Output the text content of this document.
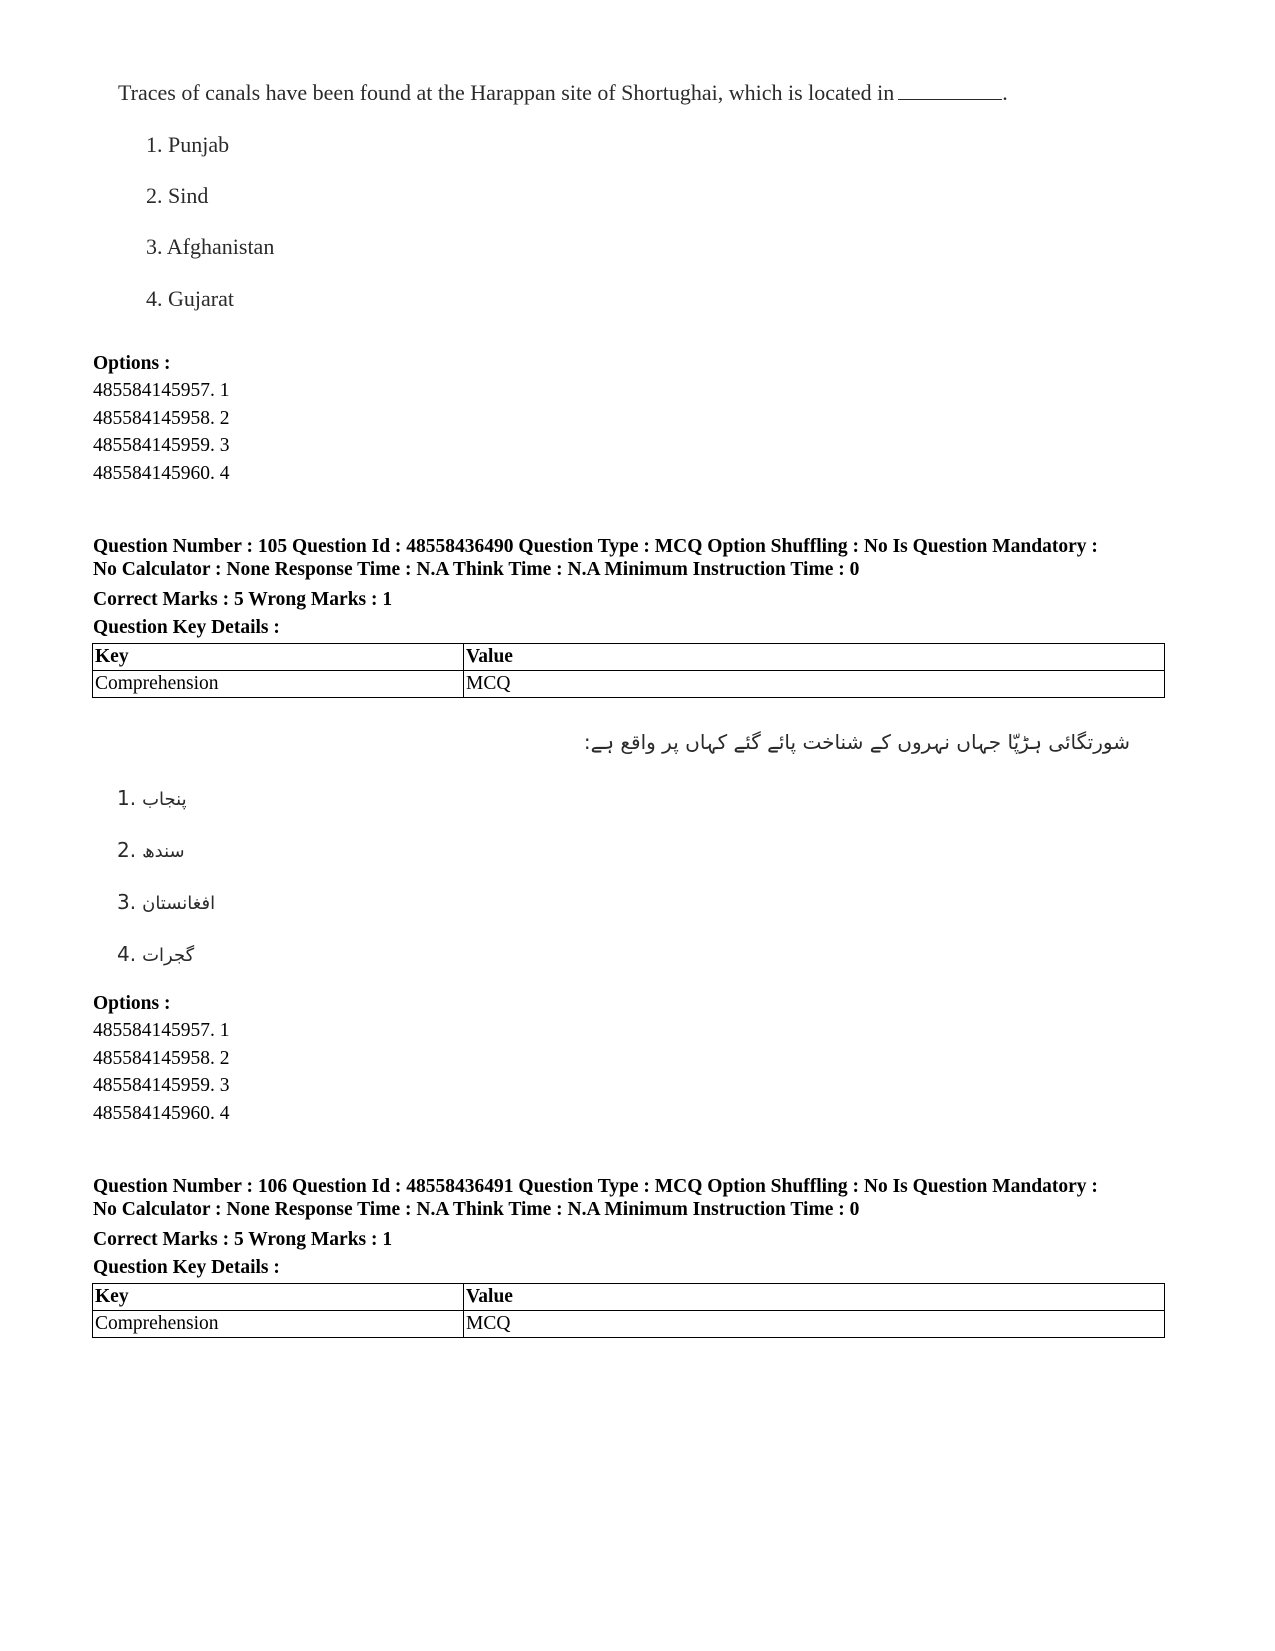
Traces of canals have been found at the Harappan site of Shortughai, which is located in	.
1. Punjab
2. Sind
3. Afghanistan
4. Gujarat
Options :
485584145957. 1
485584145958. 2
485584145959. 3
485584145960. 4
Question Number : 105 Question Id : 48558436490 Question Type : MCQ Option Shuffling : No Is Question Mandatory :
No Calculator : None Response Time : N.A Think Time : N.A Minimum Instruction Time : 0
Correct Marks : 5 Wrong Marks : 1
Question Key Details :
Key	Value
Comprehension	MCQ
شورتگائی ہڑپّا جہاں نہروں کے شناخت پائے گئے کہاں پر واقع ہے:
1. پنجاب
2. سندھ
3. افغانستان
4. گجرات
Options :
485584145957. 1
485584145958. 2
485584145959. 3
485584145960. 4
Question Number : 106 Question Id : 48558436491 Question Type : MCQ Option Shuffling : No Is Question Mandatory :
No Calculator : None Response Time : N.A Think Time : N.A Minimum Instruction Time : 0
Correct Marks : 5 Wrong Marks : 1
Question Key Details :
Key	Value
Comprehension	MCQ
